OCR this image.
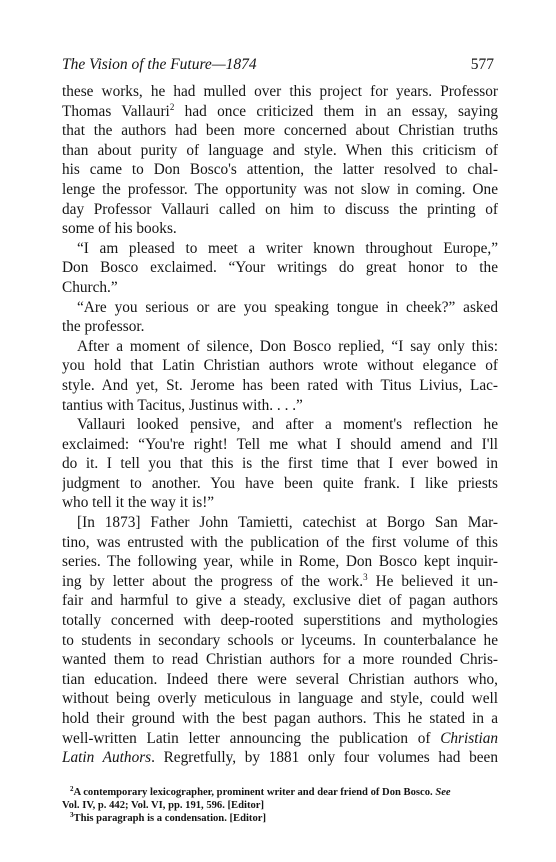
The Vision of the Future—1874	577
these works, he had mulled over this project for years. Professor
Thomas Vallauri$^2$ had once criticized them in an essay, saying
that the authors had been more concerned about Christian truths
than about purity of language and style. When this criticism of
his came to Don Bosco's attention, the latter resolved to chal-
lenge the professor. The opportunity was not slow in coming. One
day Professor Vallauri called on him to discuss the printing of
some of his books.
“I am pleased to meet a writer known throughout Europe,”
Don Bosco exclaimed. “Your writings do great honor to the
Church.”
“Are you serious or are you speaking tongue in cheek?” asked
the professor.
After a moment of silence, Don Bosco replied, “I say only this:
you hold that Latin Christian authors wrote without elegance of
style. And yet, St. Jerome has been rated with Titus Livius, Lac-
tantius with Tacitus, Justinus with. . . .”
Vallauri looked pensive, and after a moment's reflection he
exclaimed: “You're right! Tell me what I should amend and I'll
do it. I tell you that this is the first time that I ever bowed in
judgment to another. You have been quite frank. I like priests
who tell it the way it is!”
[In 1873] Father John Tamietti, catechist at Borgo San Mar-
tino, was entrusted with the publication of the first volume of this
series. The following year, while in Rome, Don Bosco kept inquir-
ing by letter about the progress of the work.$^3$ He believed it un-
fair and harmful to give a steady, exclusive diet of pagan authors
totally concerned with deep-rooted superstitions and mythologies
to students in secondary schools or lyceums. In counterbalance he
wanted them to read Christian authors for a more rounded Chris-
tian education. Indeed there were several Christian authors who,
without being overly meticulous in language and style, could well
hold their ground with the best pagan authors. This he stated in a
well-written Latin letter announcing the publication of Christian
Latin Authors. Regretfully, by 1881 only four volumes had been
$^2$A contemporary lexicographer, prominent writer and dear friend of Don Bosco. See
Vol. IV, p. 442; Vol. VI, pp. 191, 596. [Editor]
$^3$This paragraph is a condensation. [Editor]
